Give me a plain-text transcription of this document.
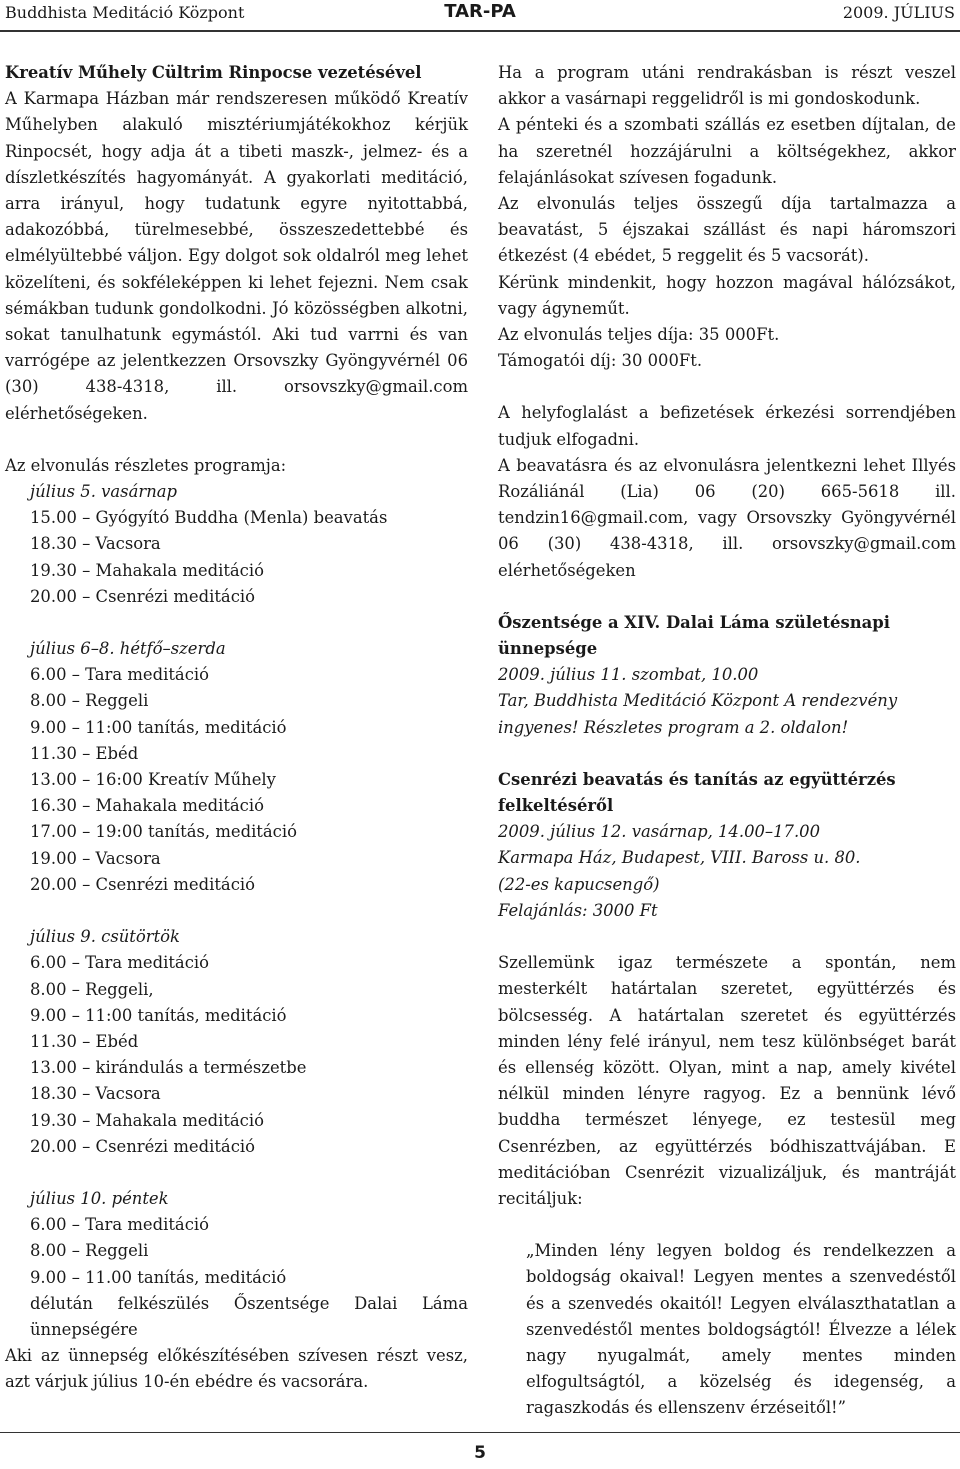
Buddhista Meditáció Központ	TAR-PA	2009. JÚLIUS

Kreatív Műhely Cültrim Rinpocse vezetésével

A Karmapa Házban már rendszeresen működő Kreatív Műhelyben alakuló misztériumjátékokhoz kérjük Rinpocsét, hogy adja át a tibeti maszk-, jelmez- és a díszletkészítés hagyományát. A gyakorlati meditáció, arra irányul, hogy tudatunk egyre nyitottabbá, adakozóbbá, türelmesebbé, összeszedettebbé és elmélyültebbé váljon. Egy dolgot sok oldalról meg lehet közelíteni, és sokféleképpen ki lehet fejezni. Nem csak sémákban tudunk gondolkodni. Jó közösségben alkotni, sokat tanulhatunk egymástól. Aki tud varrni és van varrógépe az jelentkezzen Orsovszky Gyöngyvérnél 06 (30) 438-4318, ill. orsovszky@gmail.com elérhetőségeken.

Az elvonulás részletes programja:

július 5. vasárnap

15.00 – Gyógyító Buddha (Menla) beavatás

18.30 – Vacsora

19.30 – Mahakala meditáció

20.00 – Csenrézi meditáció

július 6–8. hétfő–szerda

6.00 – Tara meditáció

8.00 – Reggeli

9.00 – 11:00 tanítás, meditáció

11.30 – Ebéd

13.00 – 16:00 Kreatív Műhely

16.30 – Mahakala meditáció

17.00 – 19:00 tanítás, meditáció

19.00 – Vacsora

20.00 – Csenrézi meditáció

július 9. csütörtök

6.00 – Tara meditáció

8.00 – Reggeli,

9.00 – 11:00 tanítás, meditáció

11.30 – Ebéd

13.00 – kirándulás a természetbe

18.30 – Vacsora

19.30 – Mahakala meditáció

20.00 – Csenrézi meditáció

július 10. péntek

6.00 – Tara meditáció

8.00 – Reggeli

9.00 – 11.00 tanítás, meditáció

délután felkészülés Őszentsége Dalai Láma ünnepségére

Aki az ünnepség előkészítésében szívesen részt vesz, azt várjuk július 10-én ebédre és vacsorára.

Ha a program utáni rendrakásban is részt veszel akkor a vasárnapi reggelidről is mi gondoskodunk.

A pénteki és a szombati szállás ez esetben díjtalan, de ha szeretnél hozzájárulni a költségekhez, akkor felajánlásokat szívesen fogadunk.

Az elvonulás teljes összegű díja tartalmazza a beavatást, 5 éjszakai szállást és napi háromszori étkezést (4 ebédet, 5 reggelit és 5 vacsorát).

Kérünk mindenkit, hogy hozzon magával hálózsákot, vagy ágyneműt.

Az elvonulás teljes díja: 35 000Ft.

Támogatói díj: 30 000Ft.

A helyfoglalást a befizetések érkezési sorrendjében tudjuk elfogadni.

A beavatásra és az elvonulásra jelentkezni lehet Illyés Rozáliánál (Lia) 06 (20) 665-5618 ill. tendzin16@gmail.com, vagy Orsovszky Gyöngyvérnél 06 (30) 438-4318, ill. orsovszky@gmail.com elérhetőségeken

Őszentsége a XIV. Dalai Láma születésnapi ünnepsége

2009. július 11. szombat, 10.00

Tar, Buddhista Meditáció Központ A rendezvény ingyenes! Részletes program a 2. oldalon!

Csenrézi beavatás és tanítás az együttérzés felkeltéséről

2009. július 12. vasárnap, 14.00–17.00

Karmapa Ház, Budapest, VIII. Baross u. 80.

(22-es kapucsengő)

Felajánlás: 3000 Ft

Szellemünk igaz természete a spontán, nem mesterkélt határtalan szeretet, együttérzés és bölcsesség. A határtalan szeretet és együttérzés minden lény felé irányul, nem tesz különbséget barát és ellenség között. Olyan, mint a nap, amely kivétel nélkül minden lényre ragyog. Ez a bennünk lévő buddha természet lényege, ez testesül meg Csenrézben, az együttérzés bódhiszattvájában. E meditációban Csenrézit vizualizáljuk, és mantráját recitáljuk:

„Minden lény legyen boldog és rendelkezzen a boldogság okaival! Legyen mentes a szenvedéstől és a szenvedés okaitól! Legyen elválaszthatatlan a szenvedéstől mentes boldogságtól! Élvezze a lélek nagy nyugalmát, amely mentes minden elfogultságtól, a közelség és idegenség, a ragaszkodás és ellenszenv érzéseitől!”

5
